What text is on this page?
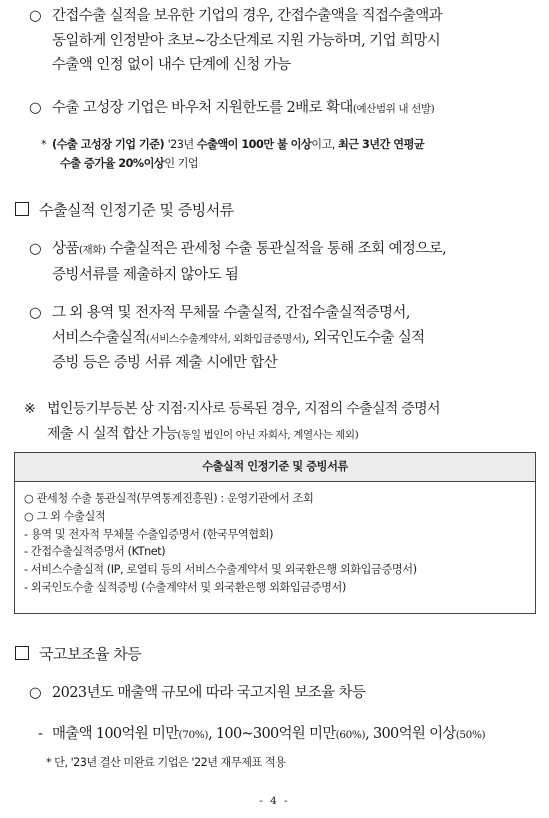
○ 간접수출 실적을 보유한 기업의 경우, 간접수출액을 직접수출액과
동일하게 인정받아 초보~강소단계로 지원 가능하며, 기업 희망시
수출액 인정 없이 내수 단계에 신청 가능
○ 수출 고성장 기업은 바우처 지원한도를 2배로 확대(예산범위 내 선발)
* (수출 고성장 기업 기준) '23년 수출액이 100만 불 이상이고, 최근 3년간 연평균
수출 증가율 20%이상인 기업
수출실적 인정기준 및 증빙서류
○ 상품(재화) 수출실적은 관세청 수출 통관실적을 통해 조회 예정으로,
증빙서류를 제출하지 않아도 됨
○ 그 외 용역 및 전자적 무체물 수출실적, 간접수출실적증명서,
서비스수출실적(서비스수출계약서, 외화입금증명서), 외국인도수출 실적
증빙 등은 증빙 서류 제출 시에만 합산
※ 법인등기부등본 상 지점·지사로 등록된 경우, 지점의 수출실적 증명서
제출 시 실적 합산 가능(동일 법인이 아닌 자회사, 계열사는 제외)
수출실적 인정기준 및 증빙서류
○ 관세청 수출 통관실적(무역통계진흥원) : 운영기관에서 조회
○ 그 외 수출실적
- 용역 및 전자적 무체물 수출입증명서 (한국무역협회)
- 간접수출실적증명서 (KTnet)
- 서비스수출실적 (IP, 로열티 등의 서비스수출계약서 및 외국환은행 외화입금증명서)
- 외국인도수출 실적증빙 (수출계약서 및 외국환은행 외화입금증명서)
국고보조율 차등
○ 2023년도 매출액 규모에 따라 국고지원 보조율 차등
- 매출액 100억원 미만(70%), 100~300억원 미만(60%), 300억원 이상(50%)
* 단, '23년 결산 미완료 기업은 '22년 재무제표 적용
- 4 -
